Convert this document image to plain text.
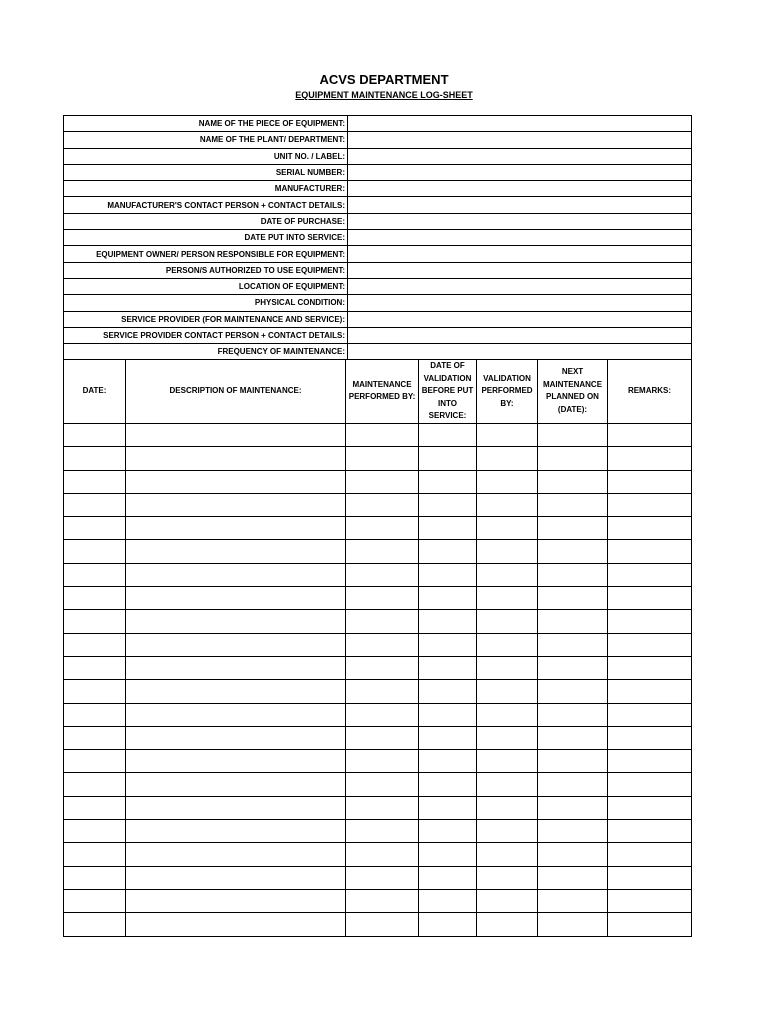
ACVS DEPARTMENT
EQUIPMENT MAINTENANCE LOG-SHEET
NAME OF THE PIECE OF EQUIPMENT:	
NAME OF THE PLANT/ DEPARTMENT:	
UNIT NO. / LABEL:	
SERIAL NUMBER:	
MANUFACTURER:	
MANUFACTURER'S CONTACT PERSON + CONTACT DETAILS:	
DATE OF PURCHASE:	
DATE PUT INTO SERVICE:	
EQUIPMENT OWNER/ PERSON RESPONSIBLE FOR EQUIPMENT:	
PERSON/S AUTHORIZED TO USE EQUIPMENT:	
LOCATION OF EQUIPMENT:	
PHYSICAL CONDITION:	
SERVICE PROVIDER (FOR MAINTENANCE AND SERVICE):	
SERVICE PROVIDER CONTACT PERSON + CONTACT DETAILS:	
FREQUENCY OF MAINTENANCE:	
DATE:	DESCRIPTION OF MAINTENANCE:	MAINTENANCE PERFORMED BY:	DATE OF VALIDATION BEFORE PUT INTO SERVICE:	VALIDATION PERFORMED BY:	NEXT MAINTENANCE PLANNED ON (DATE):	REMARKS:
